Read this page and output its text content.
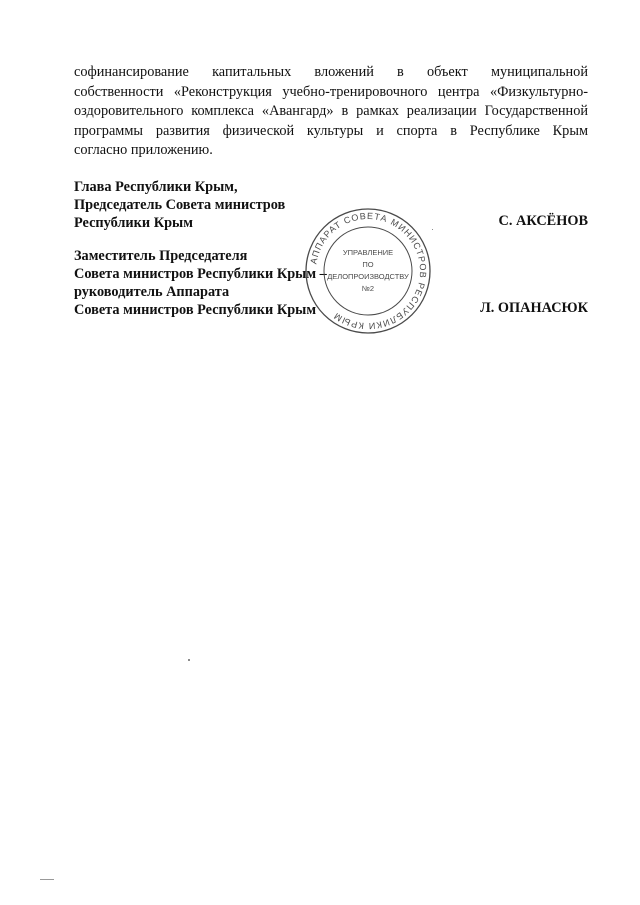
софинансирование капитальных вложений в объект муниципальной
собственности «Реконструкция учебно-тренировочного центра «Физкультурно-
оздоровительного комплекса «Авангард» в рамках реализации Государственной
программы развития физической культуры и спорта в Республике Крым
согласно приложению.
Глава Республики Крым,
Председатель Совета министров
Республики Крым	С. АКСЁНОВ
Заместитель Председателя
Совета министров Республики Крым –
руководитель Аппарата
Совета министров Республики Крым	Л. ОПАНАСЮК
АППАРАТ СОВЕТА МИНИСТРОВ РЕСПУБЛИКИ КРЫМ
УПРАВЛЕНИЕ
ПО
ДЕЛОПРОИЗВОДСТВУ
№2
